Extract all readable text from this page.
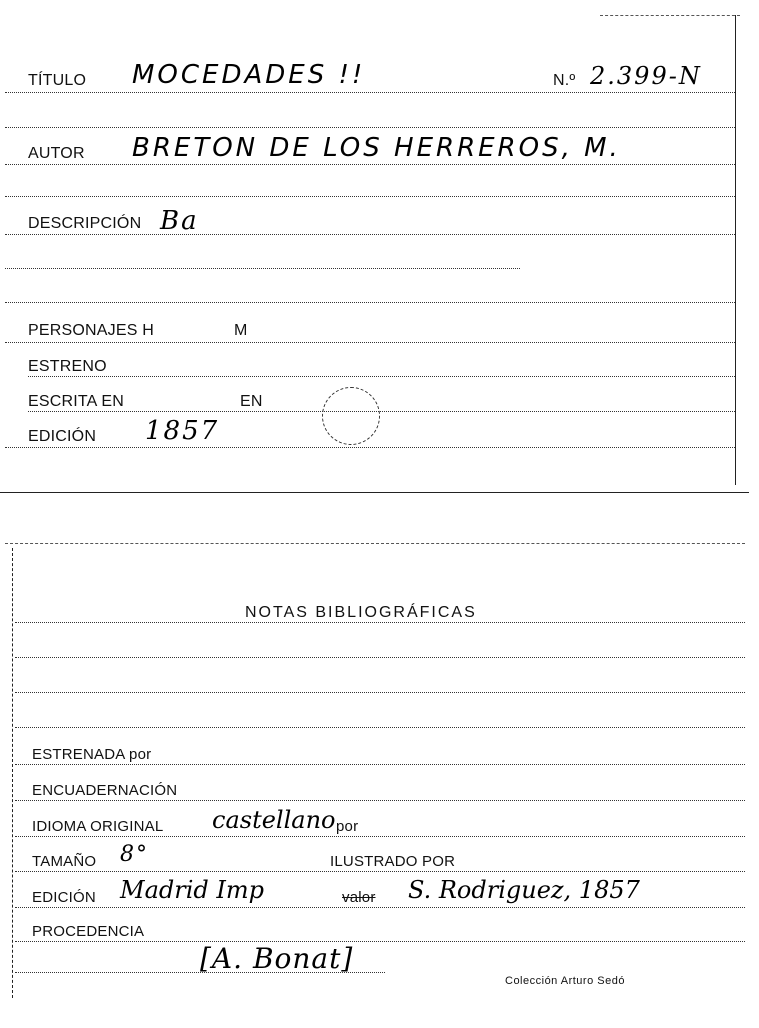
TÍTULO MOCEDADES !!	N.º 2.399-N
AUTOR BRETON DE LOS HERREROS, M.
DESCRIPCIÓN Ba
PERSONAJES H	M
ESTRENO
ESCRITA EN	EN
EDICIÓN 1857
NOTAS BIBLIOGRÁFICAS
ESTRENADA por
ENCUADERNACIÓN
IDIOMA ORIGINAL castellano por
TAMAÑO 8°	ILUSTRADO POR
EDICIÓN Madrid Imp	valor S. Rodriguez, 1857
PROCEDENCIA
[A. Bonat]
Colección Arturo Sedó
